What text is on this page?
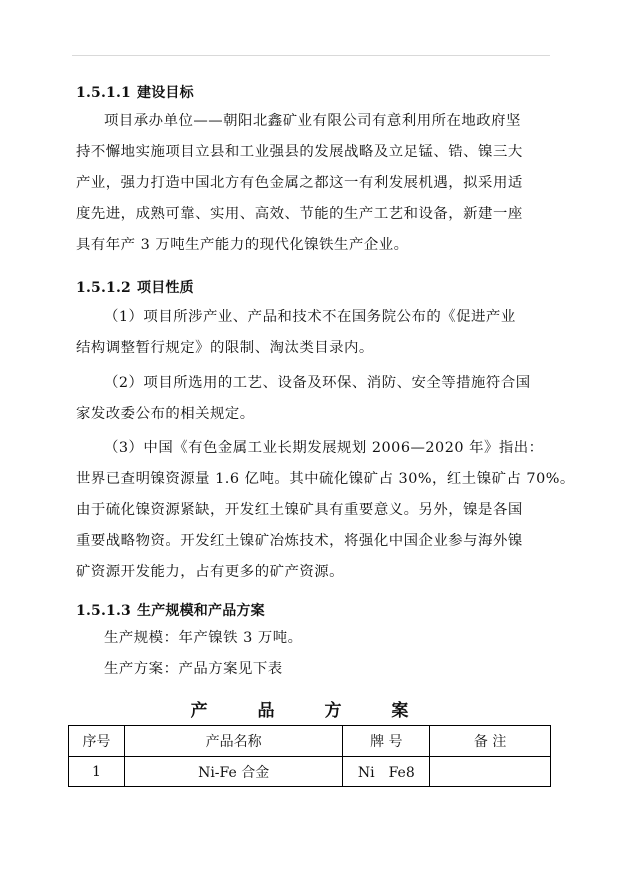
1.5.1.1 建设目标
项目承办单位——朝阳北鑫矿业有限公司有意利用所在地政府坚
持不懈地实施项目立县和工业强县的发展战略及立足锰、锆、镍三大
产业，强力打造中国北方有色金属之都这一有利发展机遇，拟采用适
度先进，成熟可靠、实用、高效、节能的生产工艺和设备，新建一座
具有年产 3 万吨生产能力的现代化镍铁生产企业。
1.5.1.2 项目性质
（1）项目所涉产业、产品和技术不在国务院公布的《促进产业
结构调整暂行规定》的限制、淘汰类目录内。
（2）项目所选用的工艺、设备及环保、消防、安全等措施符合国
家发改委公布的相关规定。
（3）中国《有色金属工业长期发展规划 2006—2020 年》指出：
世界已查明镍资源量 1.6 亿吨。其中硫化镍矿占 30%，红土镍矿占 70%。
由于硫化镍资源紧缺，开发红土镍矿具有重要意义。另外，镍是各国
重要战略物资。开发红土镍矿冶炼技术，将强化中国企业参与海外镍
矿资源开发能力，占有更多的矿产资源。
1.5.1.3 生产规模和产品方案
生产规模：年产镍铁 3 万吨。
生产方案：产品方案见下表
产 品 方 案
序号	产品名称	牌 号	备 注
1	Ni-Fe 合金	Ni　Fe8	
